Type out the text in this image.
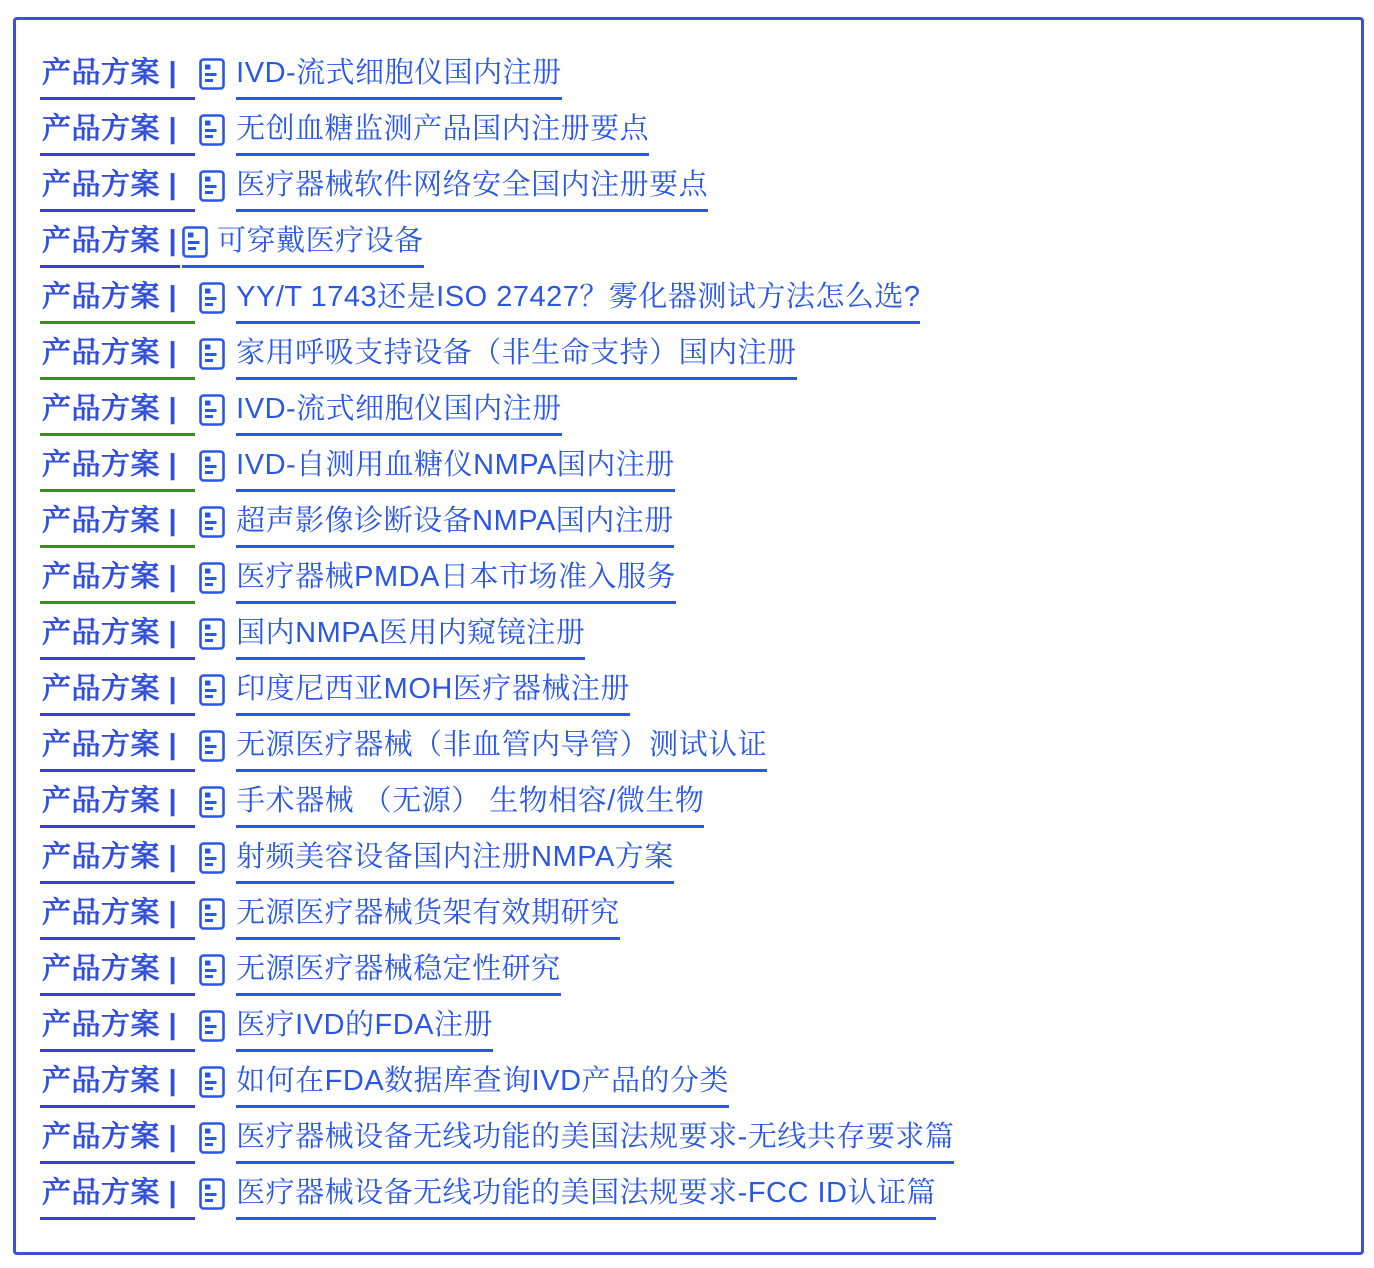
产品方案 |	IVD-流式细胞仪国内注册
产品方案 |	无创血糖监测产品国内注册要点
产品方案 |	医疗器械软件网络安全国内注册要点
产品方案 | 可穿戴医疗设备
产品方案 |	YY/T 1743还是ISO 27427？雾化器测试方法怎么选?
产品方案 |	家用呼吸支持设备（非生命支持）国内注册
产品方案 |	IVD-流式细胞仪国内注册
产品方案 |	IVD-自测用血糖仪NMPA国内注册
产品方案 |	超声影像诊断设备NMPA国内注册
产品方案 |	医疗器械PMDA日本市场准入服务
产品方案 |	国内NMPA医用内窥镜注册
产品方案 |	印度尼西亚MOH医疗器械注册
产品方案 |	无源医疗器械（非血管内导管）测试认证
产品方案 |	手术器械 （无源） 生物相容/微生物
产品方案 |	射频美容设备国内注册NMPA方案
产品方案 |	无源医疗器械货架有效期研究
产品方案 |	无源医疗器械稳定性研究
产品方案 |	医疗IVD的FDA注册
产品方案 |	如何在FDA数据库查询IVD产品的分类
产品方案 |	医疗器械设备无线功能的美国法规要求-无线共存要求篇
产品方案 |	医疗器械设备无线功能的美国法规要求-FCC ID认证篇
